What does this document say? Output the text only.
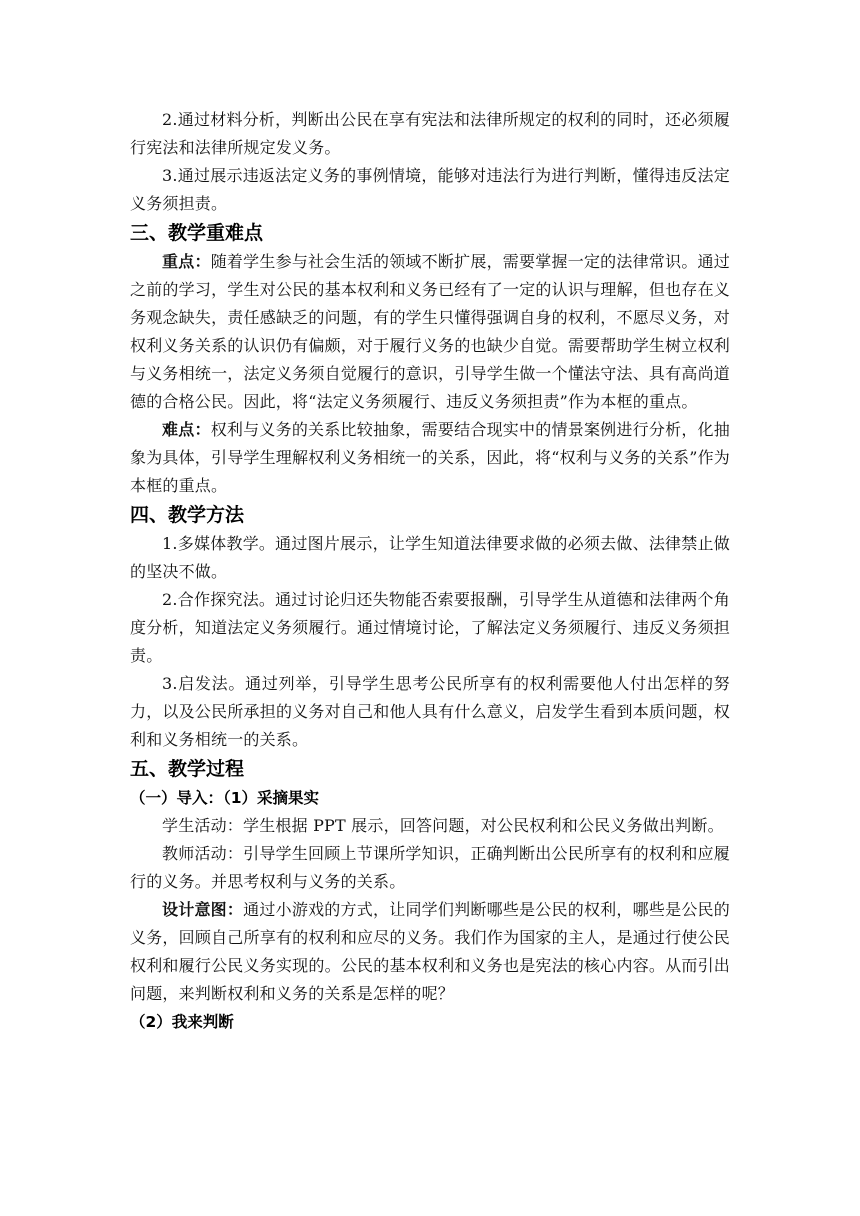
2.通过材料分析，判断出公民在享有宪法和法律所规定的权利的同时，还必须履行宪法和法律所规定发义务。

3.通过展示违返法定义务的事例情境，能够对违法行为进行判断，懂得违反法定义务须担责。

三、教学重难点

重点：随着学生参与社会生活的领域不断扩展，需要掌握一定的法律常识。通过之前的学习，学生对公民的基本权利和义务已经有了一定的认识与理解，但也存在义务观念缺失，责任感缺乏的问题，有的学生只懂得强调自身的权利，不愿尽义务，对权利义务关系的认识仍有偏颇，对于履行义务的也缺少自觉。需要帮助学生树立权利与义务相统一，法定义务须自觉履行的意识，引导学生做一个懂法守法、具有高尚道德的合格公民。因此，将“法定义务须履行、违反义务须担责”作为本框的重点。

难点：权利与义务的关系比较抽象，需要结合现实中的情景案例进行分析，化抽象为具体，引导学生理解权利义务相统一的关系，因此，将“权利与义务的关系”作为本框的重点。

四、教学方法

1.多媒体教学。通过图片展示，让学生知道法律要求做的必须去做、法律禁止做的坚决不做。

2.合作探究法。通过讨论归还失物能否索要报酬，引导学生从道德和法律两个角度分析，知道法定义务须履行。通过情境讨论，了解法定义务须履行、违反义务须担责。

3.启发法。通过列举，引导学生思考公民所享有的权利需要他人付出怎样的努力，以及公民所承担的义务对自己和他人具有什么意义，启发学生看到本质问题，权利和义务相统一的关系。

五、教学过程

（一）导入：（1）采摘果实

学生活动：学生根据 PPT 展示，回答问题，对公民权利和公民义务做出判断。

教师活动：引导学生回顾上节课所学知识，正确判断出公民所享有的权利和应履行的义务。并思考权利与义务的关系。

设计意图：通过小游戏的方式，让同学们判断哪些是公民的权利，哪些是公民的义务，回顾自己所享有的权利和应尽的义务。我们作为国家的主人，是通过行使公民权利和履行公民义务实现的。公民的基本权利和义务也是宪法的核心内容。从而引出问题，来判断权利和义务的关系是怎样的呢？

（2）我来判断
